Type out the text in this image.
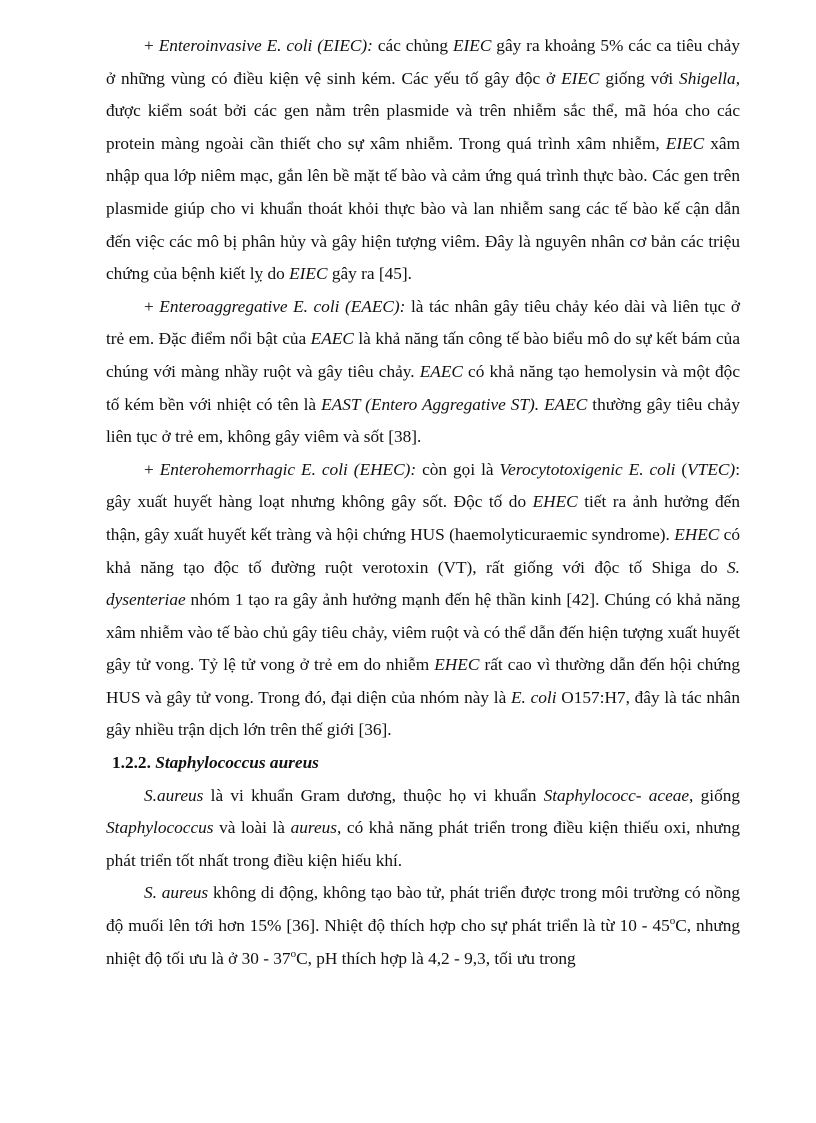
+ Enteroinvasive E. coli (EIEC): các chủng EIEC gây ra khoảng 5% các ca tiêu chảy ở những vùng có điều kiện vệ sinh kém. Các yếu tố gây độc ở EIEC giống với Shigella, được kiểm soát bởi các gen nằm trên plasmide và trên nhiễm sắc thể, mã hóa cho các protein màng ngoài cần thiết cho sự xâm nhiễm. Trong quá trình xâm nhiễm, EIEC xâm nhập qua lớp niêm mạc, gắn lên bề mặt tế bào và cảm ứng quá trình thực bào. Các gen trên plasmide giúp cho vi khuẩn thoát khỏi thực bào và lan nhiễm sang các tế bào kế cận dẫn đến việc các mô bị phân hủy và gây hiện tượng viêm. Đây là nguyên nhân cơ bản các triệu chứng của bệnh kiết lỵ do EIEC gây ra [45].

+ Enteroaggregative E. coli (EAEC): là tác nhân gây tiêu chảy kéo dài và liên tục ở trẻ em. Đặc điểm nổi bật của EAEC là khả năng tấn công tế bào biểu mô do sự kết bám của chúng với màng nhầy ruột và gây tiêu chảy. EAEC có khả năng tạo hemolysin và một độc tố kém bền với nhiệt có tên là EAST (Entero Aggregative ST). EAEC thường gây tiêu chảy liên tục ở trẻ em, không gây viêm và sốt [38].

+ Enterohemorrhagic E. coli (EHEC): còn gọi là Verocytotoxigenic E. coli (VTEC): gây xuất huyết hàng loạt nhưng không gây sốt. Độc tố do EHEC tiết ra ảnh hưởng đến thận, gây xuất huyết kết tràng và hội chứng HUS (haemolyticuraemic syndrome). EHEC có khả năng tạo độc tố đường ruột verotoxin (VT), rất giống với độc tố Shiga do S. dysenteriae nhóm 1 tạo ra gây ảnh hưởng mạnh đến hệ thần kinh [42]. Chúng có khả năng xâm nhiễm vào tế bào chủ gây tiêu chảy, viêm ruột và có thể dẫn đến hiện tượng xuất huyết gây tử vong. Tỷ lệ tử vong ở trẻ em do nhiễm EHEC rất cao vì thường dẫn đến hội chứng HUS và gây tử vong. Trong đó, đại diện của nhóm này là E. coli O157:H7, đây là tác nhân gây nhiều trận dịch lớn trên thế giới [36].

1.2.2. Staphylococcus aureus

S.aureus là vi khuẩn Gram dương, thuộc họ vi khuẩn Staphylococc- aceae, giống Staphylococcus và loài là aureus, có khả năng phát triển trong điều kiện thiếu oxi, nhưng phát triển tốt nhất trong điều kiện hiếu khí.

S. aureus không di động, không tạo bào tử, phát triển được trong môi trường có nồng độ muối lên tới hơn 15% [36]. Nhiệt độ thích hợp cho sự phát triển là từ 10 - 45$^o$C, nhưng nhiệt độ tối ưu là ở 30 - 37$^o$C, pH thích hợp là 4,2 - 9,3, tối ưu trong
